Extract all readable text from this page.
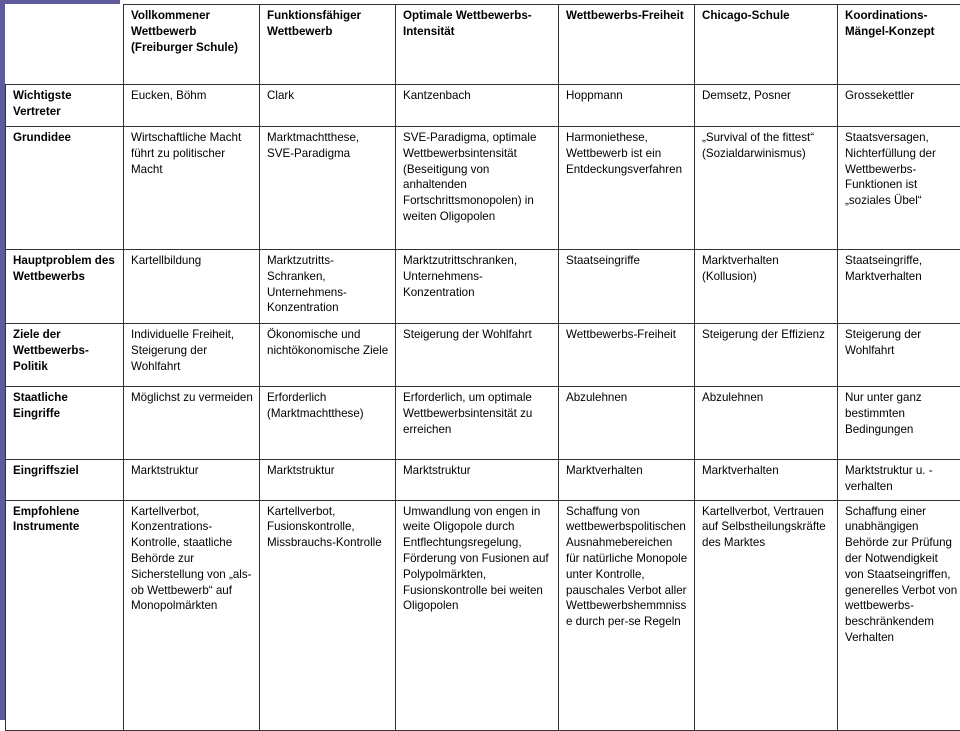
	Vollkommener Wettbewerb (Freiburger Schule)	Funktionsfähiger Wettbewerb	Optimale Wettbewerbs-Intensität	Wettbewerbs-Freiheit	Chicago-Schule	Koordinations-Mängel-Konzept
Wichtigste Vertreter	Eucken, Böhm	Clark	Kantzenbach	Hoppmann	Demsetz, Posner	Grossekettler
Grundidee	Wirtschaftliche Macht führt zu politischer Macht	Marktmachtthese, SVE-Paradigma	SVE-Paradigma, optimale Wettbewerbsintensität (Beseitigung von anhaltenden Fortschrittsmonopolen) in weiten Oligopolen	Harmoniethese, Wettbewerb ist ein Entdeckungsverfahren	„Survival of the fittest“ (Sozialdarwinismus)	Staatsversagen, Nichterfüllung der Wettbewerbs-Funktionen ist „soziales Übel“
Hauptproblem des Wettbewerbs	Kartellbildung	Marktzutritts-Schranken, Unternehmens-Konzentration	Marktzutrittschranken, Unternehmens-Konzentration	Staatseingriffe	Marktverhalten (Kollusion)	Staatseingriffe, Marktverhalten
Ziele der Wettbewerbs-Politik	Individuelle Freiheit, Steigerung der Wohlfahrt	Ökonomische und nichtökonomische Ziele	Steigerung der Wohlfahrt	Wettbewerbs-Freiheit	Steigerung der Effizienz	Steigerung der Wohlfahrt
Staatliche Eingriffe	Möglichst zu vermeiden	Erforderlich (Marktmachtthese)	Erforderlich, um optimale Wettbewerbsintensität zu erreichen	Abzulehnen	Abzulehnen	Nur unter ganz bestimmten Bedingungen
Eingriffsziel	Marktstruktur	Marktstruktur	Marktstruktur	Marktverhalten	Marktverhalten	Marktstruktur u. -verhalten
Empfohlene Instrumente	Kartellverbot, Konzentrations-Kontrolle, staatliche Behörde zur Sicherstellung von „als-ob Wettbewerb“ auf Monopolmärkten	Kartellverbot, Fusionskontrolle, Missbrauchs-Kontrolle	Umwandlung von engen in weite Oligopole durch Entflechtungsregelung, Förderung von Fusionen auf Polypolmärkten, Fusionskontrolle bei weiten Oligopolen	Schaffung von wettbewerbspolitischen Ausnahmebereichen für natürliche Monopole unter Kontrolle, pauschales Verbot aller Wettbewerbshemmnisse durch per-se Regeln	Kartellverbot, Vertrauen auf Selbstheilungskräfte des Marktes	Schaffung einer unabhängigen Behörde zur Prüfung der Notwendigkeit von Staatseingriffen, generelles Verbot von wettbewerbs-beschränkendem Verhalten
